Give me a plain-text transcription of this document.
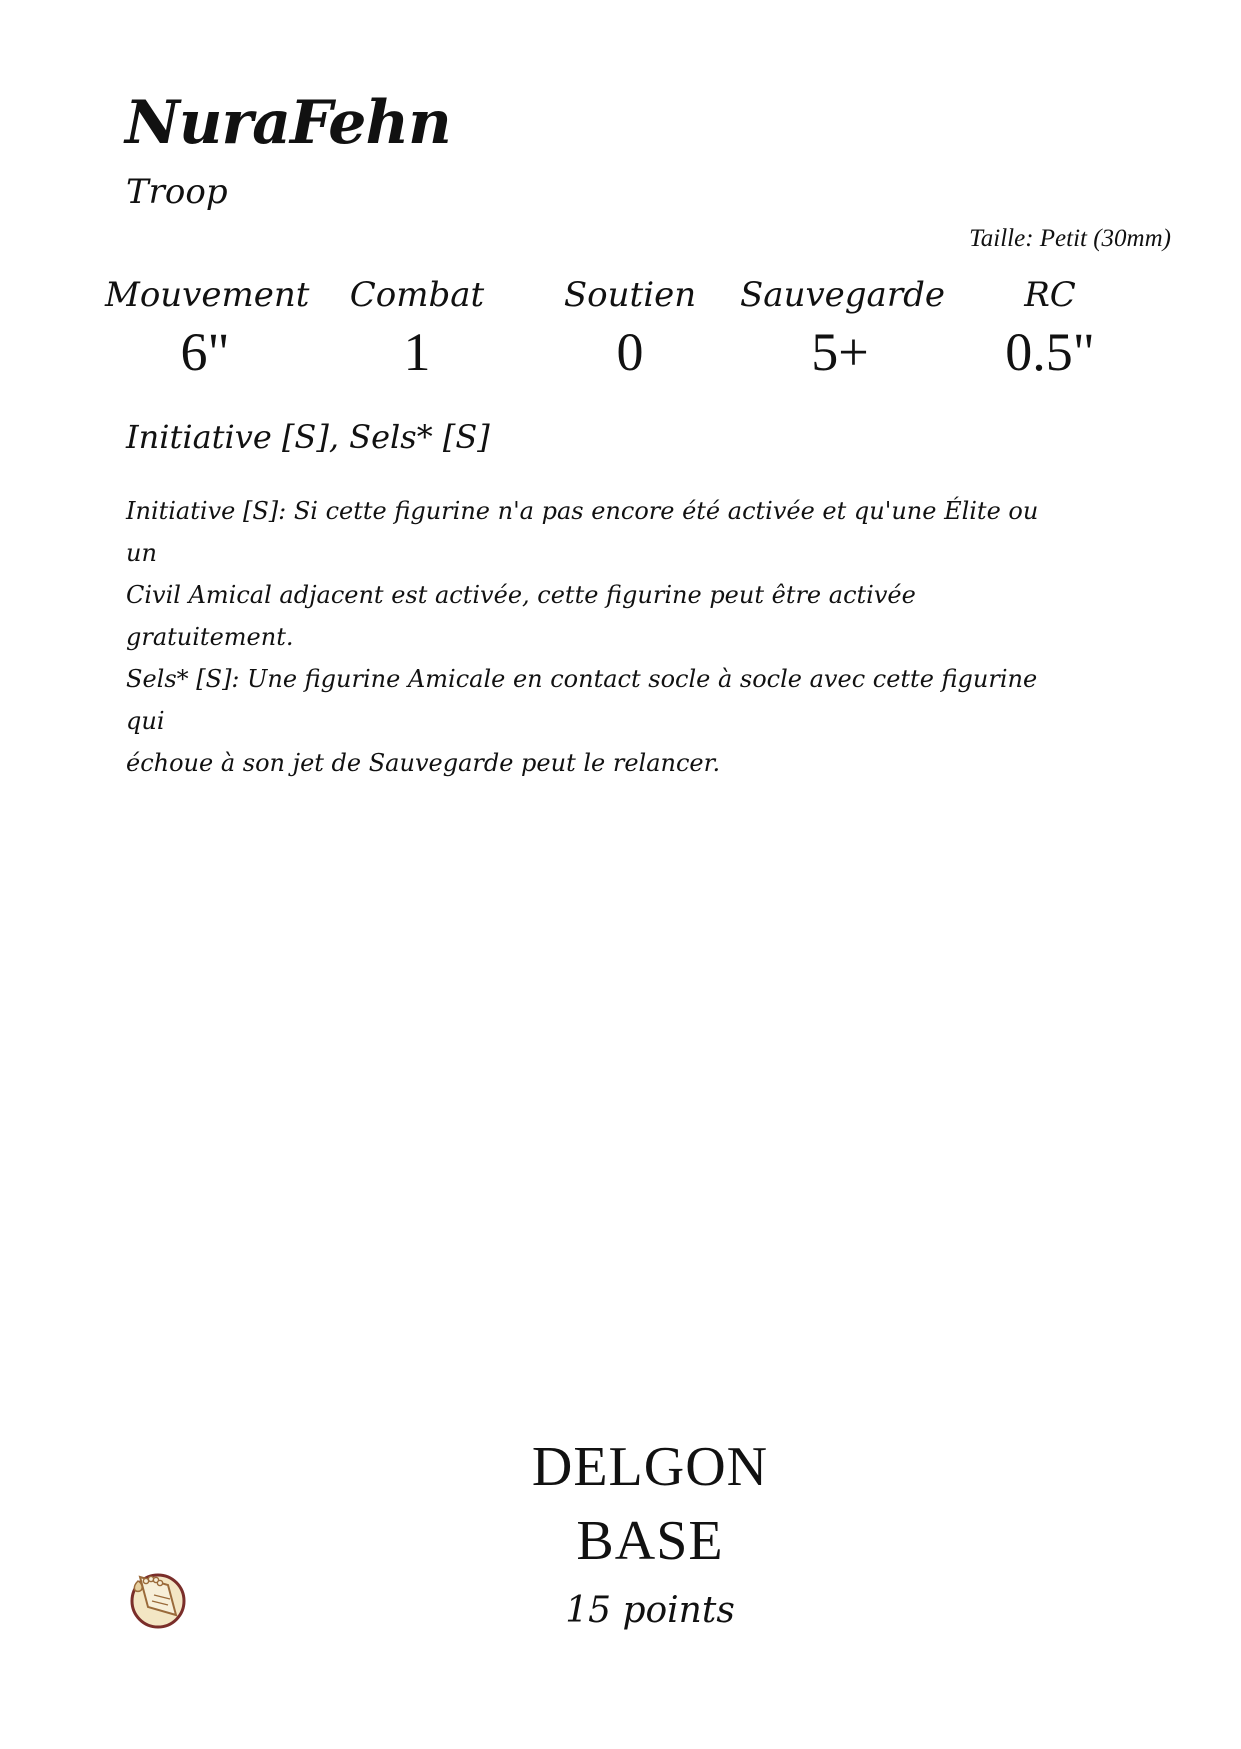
NuraFehn
Troop
Taille: Petit (30mm)
Mouvement
6"
Combat
1
Soutien
0
Sauvegarde
5+
RC
0.5"
Initiative [S], Sels* [S]

Initiative [S]: Si cette figurine n'a pas encore été activée et qu'une Élite ou un

Civil Amical adjacent est activée, cette figurine peut être activée gratuitement.

Sels* [S]: Une figurine Amicale en contact socle à socle avec cette figurine qui

échoue à son jet de Sauvegarde peut le relancer.

DELGON
BASE
15 points
